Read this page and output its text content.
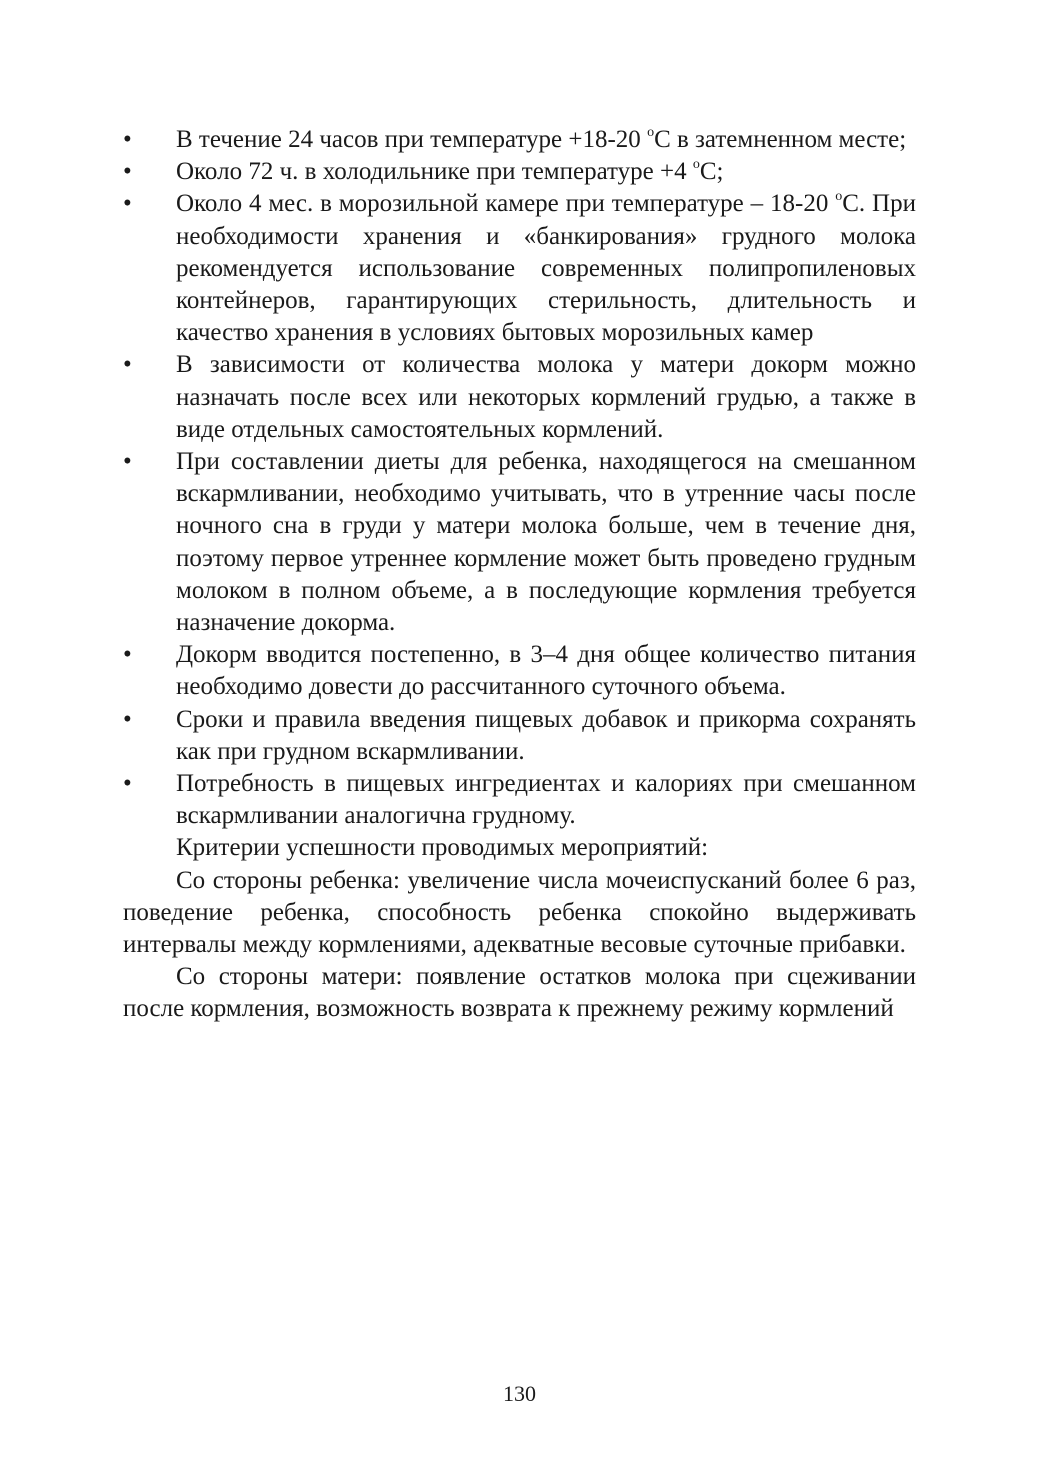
• В течение 24 часов при температуре +18-20 $^о$С в затемненном месте;
• Около 72 ч. в холодильнике при температуре +4 $^о$С;
• Около 4 мес. в морозильной камере при температуре – 18-20 $^о$С. При необходимости хранения и «банкирования» грудного молока рекомендуется использование современных полипропиленовых контейнеров, гарантирующих стерильность, длительность и качество хранения в условиях бытовых морозильных камер
• В зависимости от количества молока у матери докорм можно назначать после всех или некоторых кормлений грудью, а также в виде отдельных самостоятельных кормлений.
• При составлении диеты для ребенка, находящегося на смешанном вскармливании, необходимо учитывать, что в утренние часы после ночного сна в груди у матери молока больше, чем в течение дня, поэтому первое утреннее кормление может быть проведено грудным молоком в полном объеме, а в последующие кормления требуется назначение докорма.
• Докорм вводится постепенно, в 3–4 дня общее количество питания необходимо довести до рассчитанного суточного объема.
• Сроки и правила введения пищевых добавок и прикорма сохранять как при грудном вскармливании.
• Потребность в пищевых ингредиентах и калориях при смешанном вскармливании аналогична грудному.

Критерии успешности проводимых мероприятий:

Со стороны ребенка: увеличение числа мочеиспусканий более 6 раз, поведение ребенка, способность ребенка спокойно выдерживать интервалы между кормлениями, адекватные весовые суточные прибавки.

Со стороны матери: появление остатков молока при сцеживании после кормления, возможность возврата к прежнему режиму кормлений

130
